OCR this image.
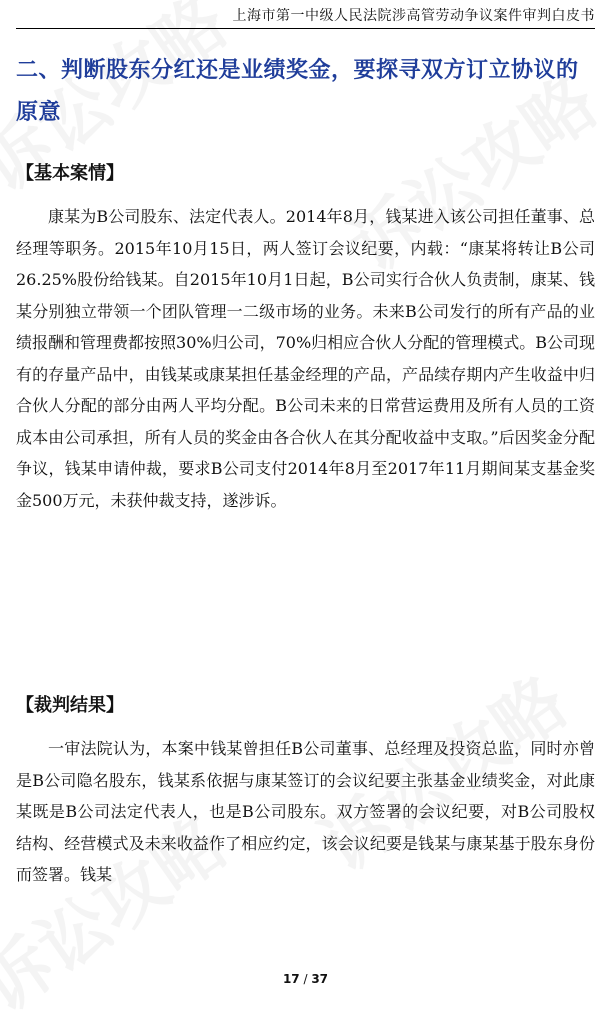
上海市第一中级人民法院涉高管劳动争议案件审判白皮书
二、判断股东分红还是业绩奖金，要探寻双方订立协议的原意
【基本案情】
康某为B公司股东、法定代表人。2014年8月，钱某进入该公司担任董事、总经理等职务。2015年10月15日，两人签订会议纪要，内载：“康某将转让B公司26.25%股份给钱某。自2015年10月1日起，B公司实行合伙人负责制，康某、钱某分别独立带领一个团队管理一二级市场的业务。未来B公司发行的所有产品的业绩报酬和管理费都按照30%归公司，70%归相应合伙人分配的管理模式。B公司现有的存量产品中，由钱某或康某担任基金经理的产品，产品续存期内产生收益中归合伙人分配的部分由两人平均分配。B公司未来的日常营运费用及所有人员的工资成本由公司承担，所有人员的奖金由各合伙人在其分配收益中支取。”后因奖金分配争议，钱某申请仲裁，要求B公司支付2014年8月至2017年11月期间某支基金奖金500万元，未获仲裁支持，遂涉诉。
【裁判结果】
一审法院认为，本案中钱某曾担任B公司董事、总经理及投资总监，同时亦曾是B公司隐名股东，钱某系依据与康某签订的会议纪要主张基金业绩奖金，对此康某既是B公司法定代表人，也是B公司股东。双方签署的会议纪要，对B公司股权结构、经营模式及未来收益作了相应约定，该会议纪要是钱某与康某基于股东身份而签署。钱某
17 / 37
